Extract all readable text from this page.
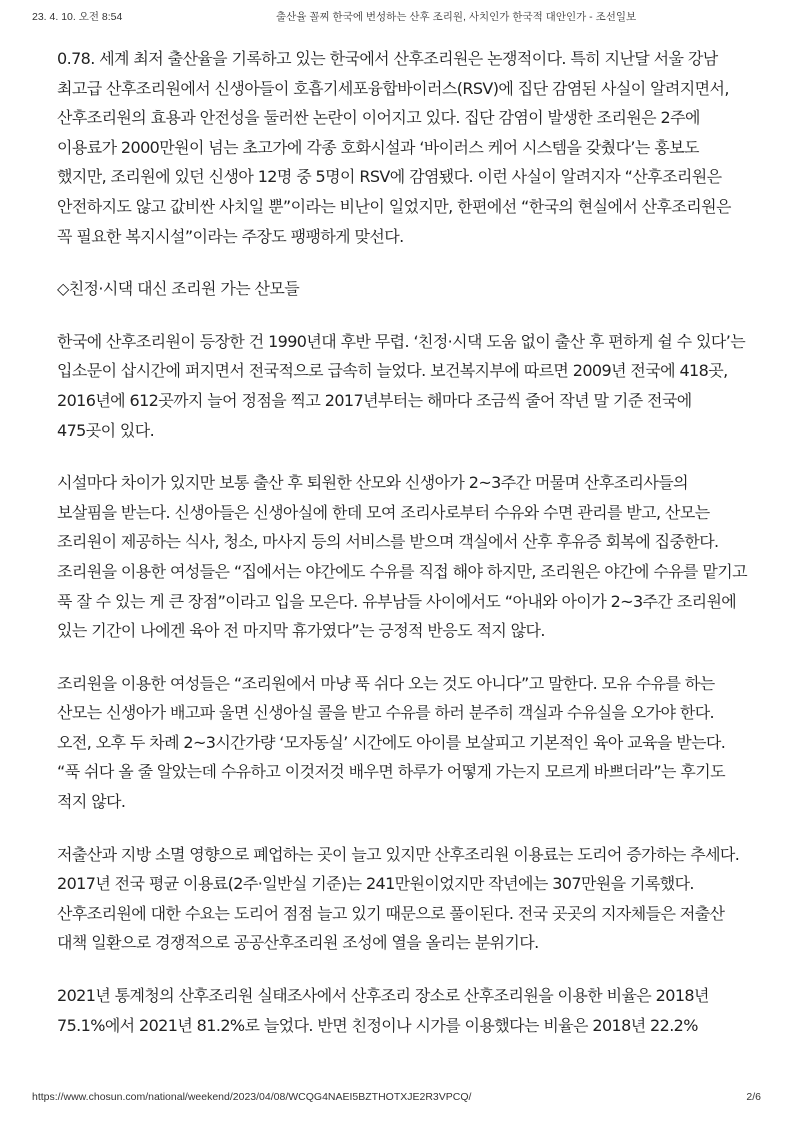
23. 4. 10. 오전 8:54	출산율 꼴찌 한국에 번성하는 산후 조리원, 사치인가 한국적 대안인가 - 조선일보

0.78. 세계 최저 출산율을 기록하고 있는 한국에서 산후조리원은 논쟁적이다. 특히 지난달 서울 강남 최고급 산후조리원에서 신생아들이 호흡기세포융합바이러스(RSV)에 집단 감염된 사실이 알려지면서, 산후조리원의 효용과 안전성을 둘러싼 논란이 이어지고 있다. 집단 감염이 발생한 조리원은 2주에 이용료가 2000만원이 넘는 초고가에 각종 호화시설과 ‘바이러스 케어 시스템을 갖췄다’는 홍보도 했지만, 조리원에 있던 신생아 12명 중 5명이 RSV에 감염됐다. 이런 사실이 알려지자 “산후조리원은 안전하지도 않고 값비싼 사치일 뿐”이라는 비난이 일었지만, 한편에선 “한국의 현실에서 산후조리원은 꼭 필요한 복지시설”이라는 주장도 팽팽하게 맞선다.

◇친정·시댁 대신 조리원 가는 산모들

한국에 산후조리원이 등장한 건 1990년대 후반 무렵. ‘친정·시댁 도움 없이 출산 후 편하게 쉴 수 있다’는 입소문이 삽시간에 퍼지면서 전국적으로 급속히 늘었다. 보건복지부에 따르면 2009년 전국에 418곳, 2016년에 612곳까지 늘어 정점을 찍고 2017년부터는 해마다 조금씩 줄어 작년 말 기준 전국에 475곳이 있다.

시설마다 차이가 있지만 보통 출산 후 퇴원한 산모와 신생아가 2~3주간 머물며 산후조리사들의 보살핌을 받는다. 신생아들은 신생아실에 한데 모여 조리사로부터 수유와 수면 관리를 받고, 산모는 조리원이 제공하는 식사, 청소, 마사지 등의 서비스를 받으며 객실에서 산후 후유증 회복에 집중한다. 조리원을 이용한 여성들은 “집에서는 야간에도 수유를 직접 해야 하지만, 조리원은 야간에 수유를 맡기고 푹 잘 수 있는 게 큰 장점”이라고 입을 모은다. 유부남들 사이에서도 “아내와 아이가 2~3주간 조리원에 있는 기간이 나에겐 육아 전 마지막 휴가였다”는 긍정적 반응도 적지 않다.

조리원을 이용한 여성들은 “조리원에서 마냥 푹 쉬다 오는 것도 아니다”고 말한다. 모유 수유를 하는 산모는 신생아가 배고파 울면 신생아실 콜을 받고 수유를 하러 분주히 객실과 수유실을 오가야 한다. 오전, 오후 두 차례 2~3시간가량 ‘모자동실’ 시간에도 아이를 보살피고 기본적인 육아 교육을 받는다. “푹 쉬다 올 줄 알았는데 수유하고 이것저것 배우면 하루가 어떻게 가는지 모르게 바쁘더라”는 후기도 적지 않다.

저출산과 지방 소멸 영향으로 폐업하는 곳이 늘고 있지만 산후조리원 이용료는 도리어 증가하는 추세다. 2017년 전국 평균 이용료(2주·일반실 기준)는 241만원이었지만 작년에는 307만원을 기록했다. 산후조리원에 대한 수요는 도리어 점점 늘고 있기 때문으로 풀이된다. 전국 곳곳의 지자체들은 저출산 대책 일환으로 경쟁적으로 공공산후조리원 조성에 열을 올리는 분위기다.

2021년 통계청의 산후조리원 실태조사에서 산후조리 장소로 산후조리원을 이용한 비율은 2018년 75.1%에서 2021년 81.2%로 늘었다. 반면 친정이나 시가를 이용했다는 비율은 2018년 22.2%

https://www.chosun.com/national/weekend/2023/04/08/WCQG4NAEI5BZTHOTXJE2R3VPCQ/	2/6
